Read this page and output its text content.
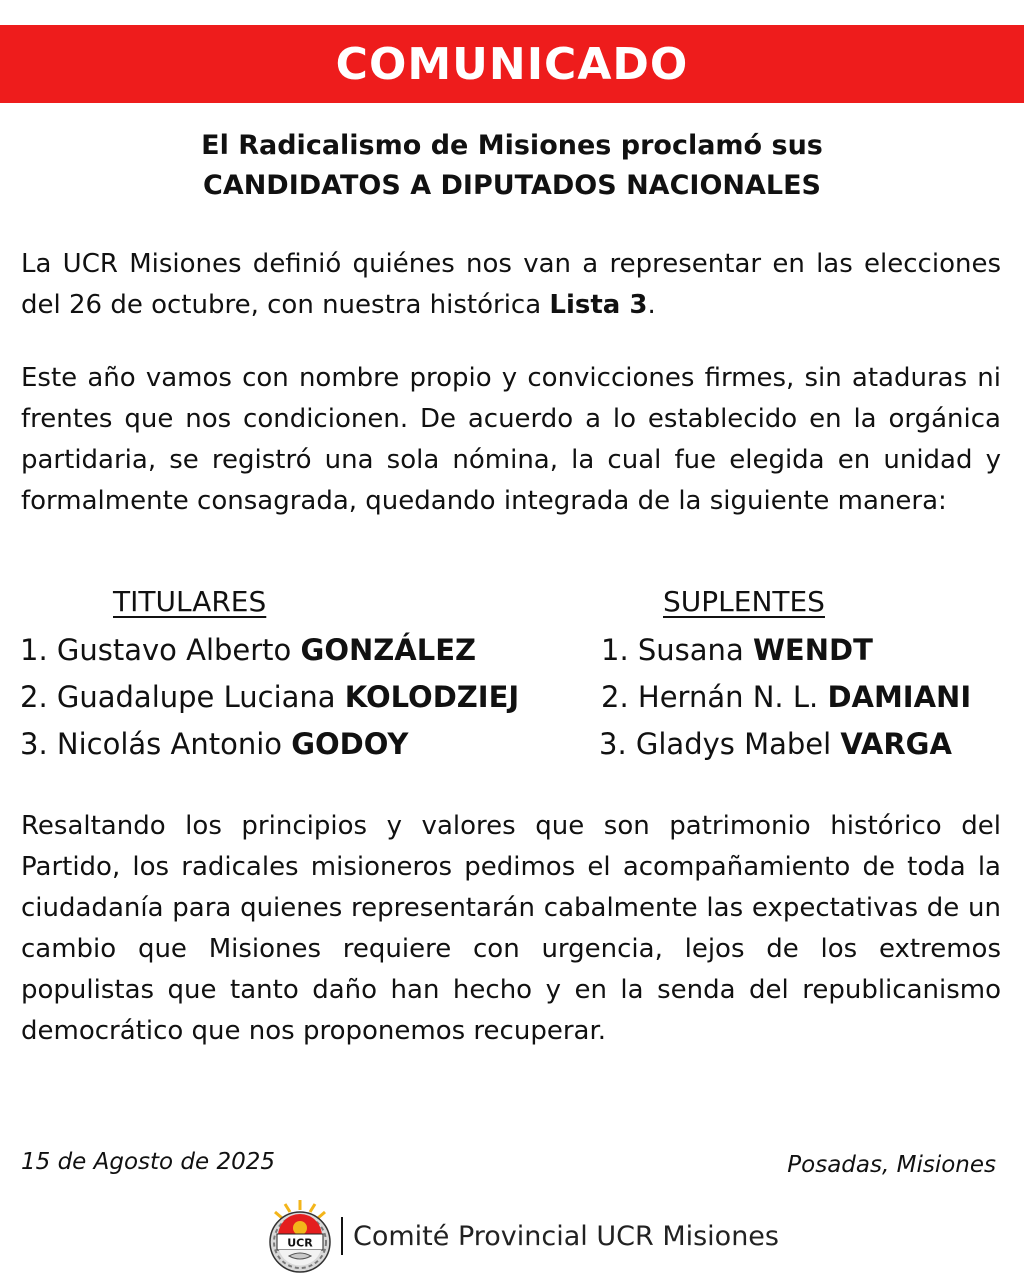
COMUNICADO
El Radicalismo de Misiones proclamó sus
CANDIDATOS A DIPUTADOS NACIONALES
La UCR Misiones definió quiénes nos van a representar en las elecciones del 26 de octubre, con nuestra histórica Lista 3.
Este año vamos con nombre propio y convicciones firmes, sin ataduras ni frentes que nos condicionen. De acuerdo a lo establecido en la orgánica partidaria, se registró una sola nómina, la cual fue elegida en unidad y formalmente consagrada, quedando integrada de la siguiente manera:
TITULARES	SUPLENTES
1. Gustavo Alberto GONZÁLEZ
2. Guadalupe Luciana KOLODZIEJ
3. Nicolás Antonio GODOY
1. Susana WENDT
2. Hernán N. L. DAMIANI
3. Gladys Mabel VARGA
Resaltando los principios y valores que son patrimonio histórico del Partido, los radicales misioneros pedimos el acompañamiento de toda la ciudadanía para quienes representarán cabalmente las expectativas de un cambio que Misiones requiere con urgencia, lejos de los extremos populistas que tanto daño han hecho y en la senda del republicanismo democrático que nos proponemos recuperar.
15 de Agosto de 2025	Posadas, Misiones
UCR Comité Provincial UCR Misiones
